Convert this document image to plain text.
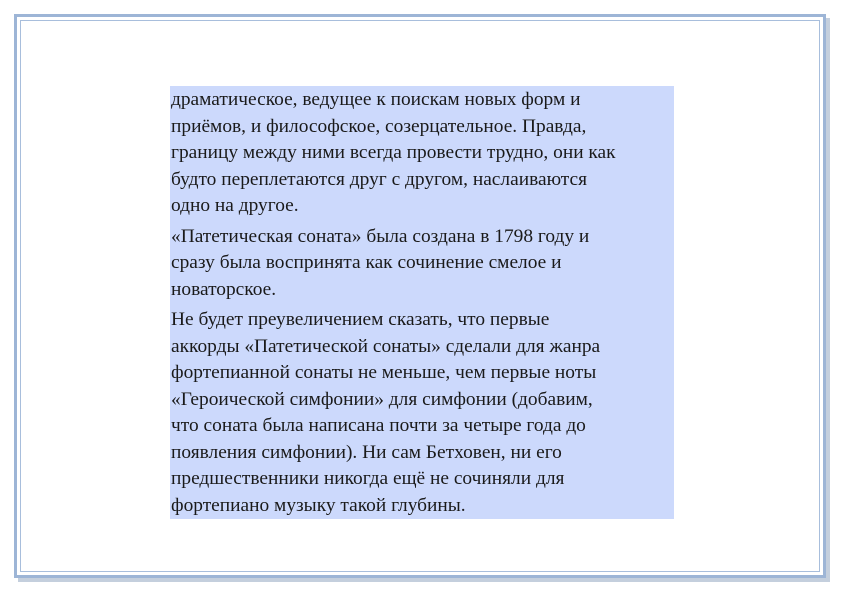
драматическое, ведущее к поискам новых форм и
приёмов, и философское, созерцательное. Правда,
границу между ними всегда провести трудно, они как
будто переплетаются друг с другом, наслаиваются
одно на другое.

«Патетическая соната» была создана в 1798 году и
сразу была воспринята как сочинение смелое и
новаторское.

Не будет преувеличением сказать, что первые
аккорды «Патетической сонаты» сделали для жанра
фортепианной сонаты не меньше, чем первые ноты
«Героической симфонии» для симфонии (добавим,
что соната была написана почти за четыре года до
появления симфонии). Ни сам Бетховен, ни его
предшественники никогда ещё не сочиняли для
фортепиано музыку такой глубины.
